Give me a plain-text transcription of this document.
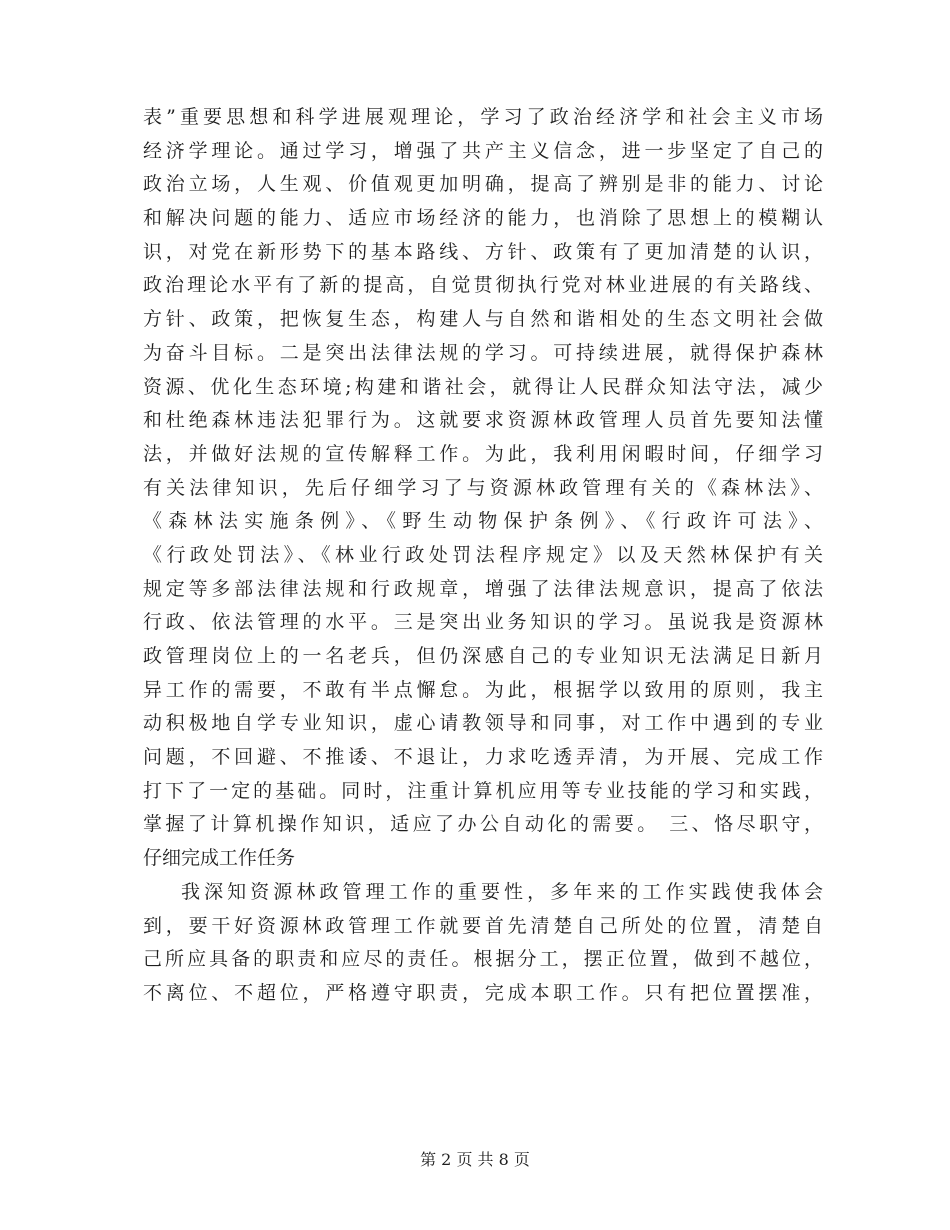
表”重要思想和科学进展观理论，学习了政治经济学和社会主义市场
经济学理论。通过学习，增强了共产主义信念，进一步坚定了自己的
政治立场，人生观、价值观更加明确，提高了辨别是非的能力、讨论
和解决问题的能力、适应市场经济的能力，也消除了思想上的模糊认
识，对党在新形势下的基本路线、方针、政策有了更加清楚的认识，
政治理论水平有了新的提高，自觉贯彻执行党对林业进展的有关路线、
方针、政策，把恢复生态，构建人与自然和谐相处的生态文明社会做
为奋斗目标。二是突出法律法规的学习。可持续进展，就得保护森林
资源、优化生态环境;构建和谐社会，就得让人民群众知法守法，减少
和杜绝森林违法犯罪行为。这就要求资源林政管理人员首先要知法懂
法，并做好法规的宣传解释工作。为此，我利用闲暇时间，仔细学习
有关法律知识，先后仔细学习了与资源林政管理有关的《森林法》、
《森林法实施条例》、《野生动物保护条例》、《行政许可法》、
《行政处罚法》、《林业行政处罚法程序规定》以及天然林保护有关
规定等多部法律法规和行政规章，增强了法律法规意识，提高了依法
行政、依法管理的水平。三是突出业务知识的学习。虽说我是资源林
政管理岗位上的一名老兵，但仍深感自己的专业知识无法满足日新月
异工作的需要，不敢有半点懈怠。为此，根据学以致用的原则，我主
动积极地自学专业知识，虚心请教领导和同事，对工作中遇到的专业
问题，不回避、不推诿、不退让，力求吃透弄清，为开展、完成工作
打下了一定的基础。同时，注重计算机应用等专业技能的学习和实践，
掌握了计算机操作知识，适应了办公自动化的需要。 三、恪尽职守，
仔细完成工作任务
我深知资源林政管理工作的重要性，多年来的工作实践使我体会
到，要干好资源林政管理工作就要首先清楚自己所处的位置，清楚自
己所应具备的职责和应尽的责任。根据分工，摆正位置，做到不越位，
不离位、不超位，严格遵守职责，完成本职工作。只有把位置摆准，
第 2 页 共 8 页
